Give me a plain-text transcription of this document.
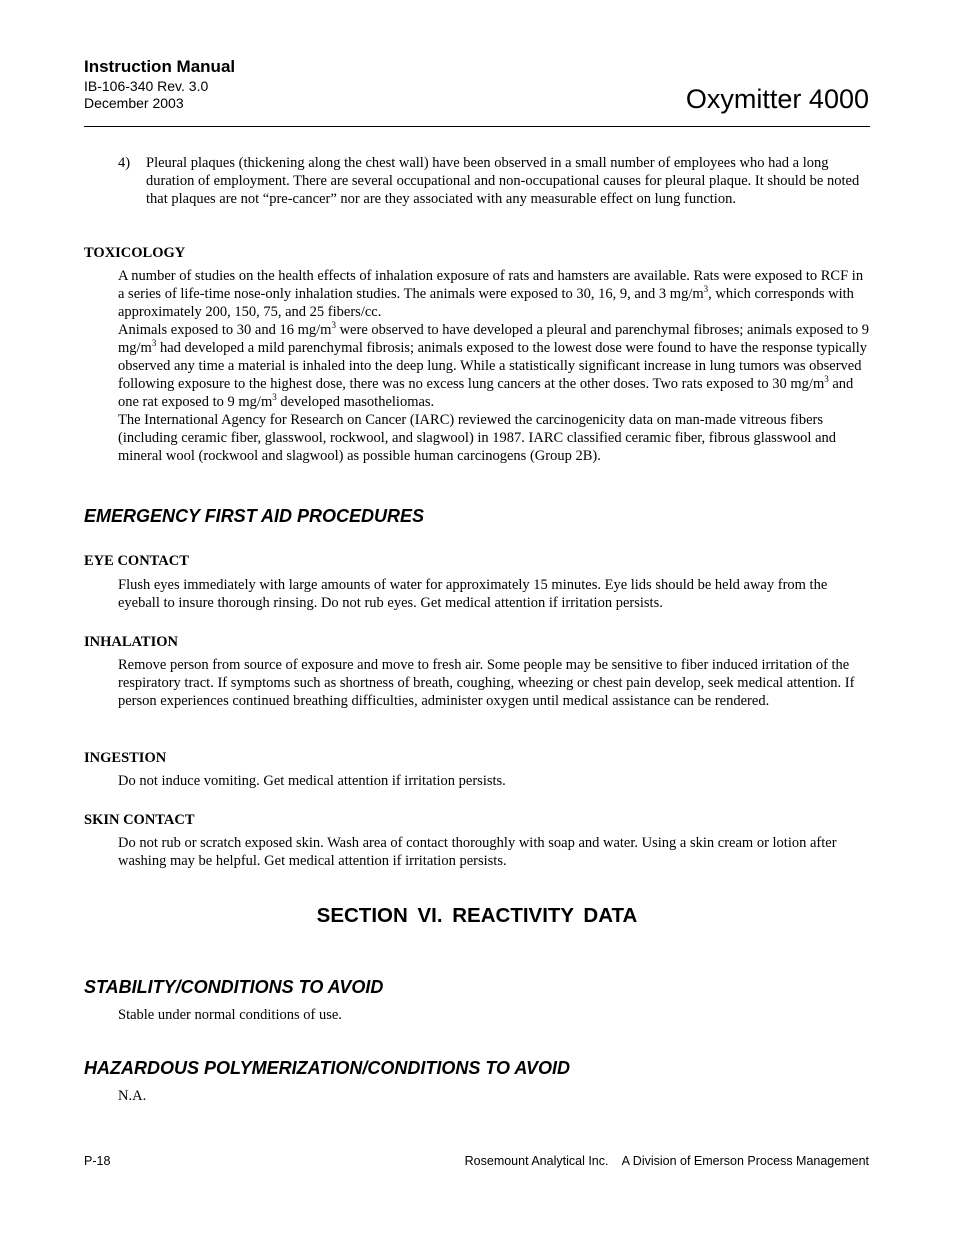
Instruction Manual
IB-106-340 Rev. 3.0
December 2003	Oxymitter 4000
4) Pleural plaques (thickening along the chest wall) have been observed in a small number of employees who had a long duration of employment. There are several occupational and non-occupational causes for pleural plaque. It should be noted that plaques are not “pre-cancer” nor are they associated with any measurable effect on lung function.

TOXICOLOGY

A number of studies on the health effects of inhalation exposure of rats and hamsters are available. Rats were exposed to RCF in a series of life-time nose-only inhalation studies. The animals were exposed to 30, 16, 9, and 3 $mg/m^3$, which corresponds with approximately 200, 150, 75, and 25 fibers/cc.

Animals exposed to 30 and 16 $mg/m^3$ were observed to have developed a pleural and parenchymal fibroses; animals exposed to 9 $mg/m^3$ had developed a mild parenchymal fibrosis; animals exposed to the lowest dose were found to have the response typically observed any time a material is inhaled into the deep lung. While a statistically significant increase in lung tumors was observed following exposure to the highest dose, there was no excess lung cancers at the other doses. Two rats exposed to 30 $mg/m^3$ and one rat exposed to 9 $mg/m^3$ developed masotheliomas.

The International Agency for Research on Cancer (IARC) reviewed the carcinogenicity data on man-made vitreous fibers (including ceramic fiber, glasswool, rockwool, and slagwool) in 1987. IARC classified ceramic fiber, fibrous glasswool and mineral wool (rockwool and slagwool) as possible human carcinogens (Group 2B).

EMERGENCY FIRST AID PROCEDURES
EYE CONTACT
Flush eyes immediately with large amounts of water for approximately 15 minutes. Eye lids should be held away from the eyeball to insure thorough rinsing. Do not rub eyes. Get medical attention if irritation persists.
INHALATION
Remove person from source of exposure and move to fresh air. Some people may be sensitive to fiber induced irritation of the respiratory tract. If symptoms such as shortness of breath, coughing, wheezing or chest pain develop, seek medical attention. If person experiences continued breathing difficulties, administer oxygen until medical assistance can be rendered.
INGESTION
Do not induce vomiting. Get medical attention if irritation persists.
SKIN CONTACT
Do not rub or scratch exposed skin. Wash area of contact thoroughly with soap and water. Using a skin cream or lotion after washing may be helpful. Get medical attention if irritation persists.
SECTION VI. REACTIVITY DATA
STABILITY/CONDITIONS TO AVOID
Stable under normal conditions of use.
HAZARDOUS POLYMERIZATION/CONDITIONS TO AVOID
N.A.
P-18	Rosemount Analytical Inc.    A Division of Emerson Process Management
